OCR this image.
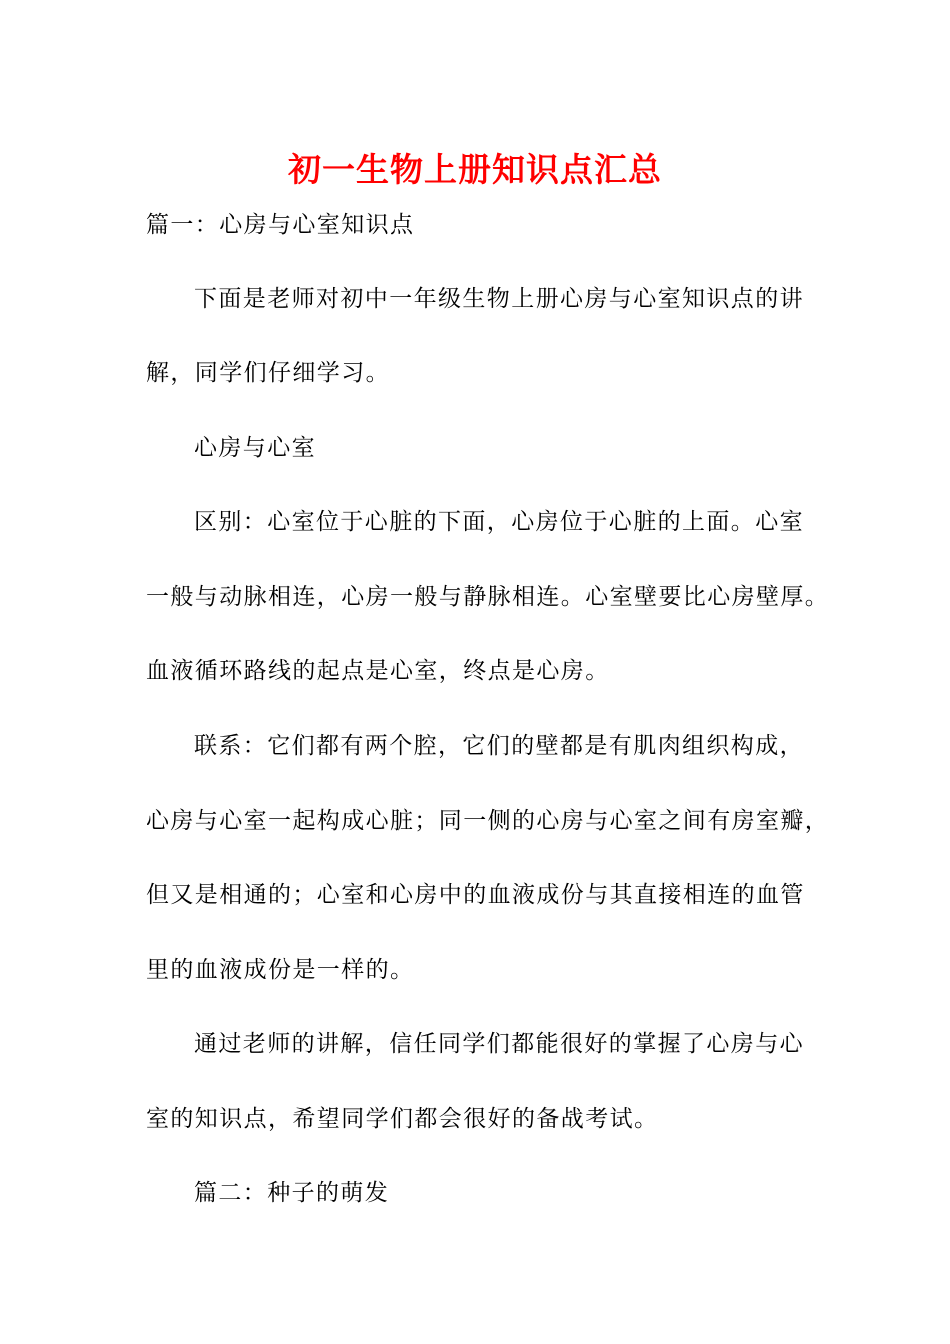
初一生物上册知识点汇总
篇一：心房与心室知识点
下面是老师对初中一年级生物上册心房与心室知识点的讲
解，同学们仔细学习。
心房与心室
区别：心室位于心脏的下面，心房位于心脏的上面。心室
一般与动脉相连，心房一般与静脉相连。心室壁要比心房壁厚。
血液循环路线的起点是心室，终点是心房。
联系：它们都有两个腔，它们的壁都是有肌肉组织构成，
心房与心室一起构成心脏；同一侧的心房与心室之间有房室瓣，
但又是相通的；心室和心房中的血液成份与其直接相连的血管
里的血液成份是一样的。
通过老师的讲解，信任同学们都能很好的掌握了心房与心
室的知识点，希望同学们都会很好的备战考试。
篇二：种子的萌发
